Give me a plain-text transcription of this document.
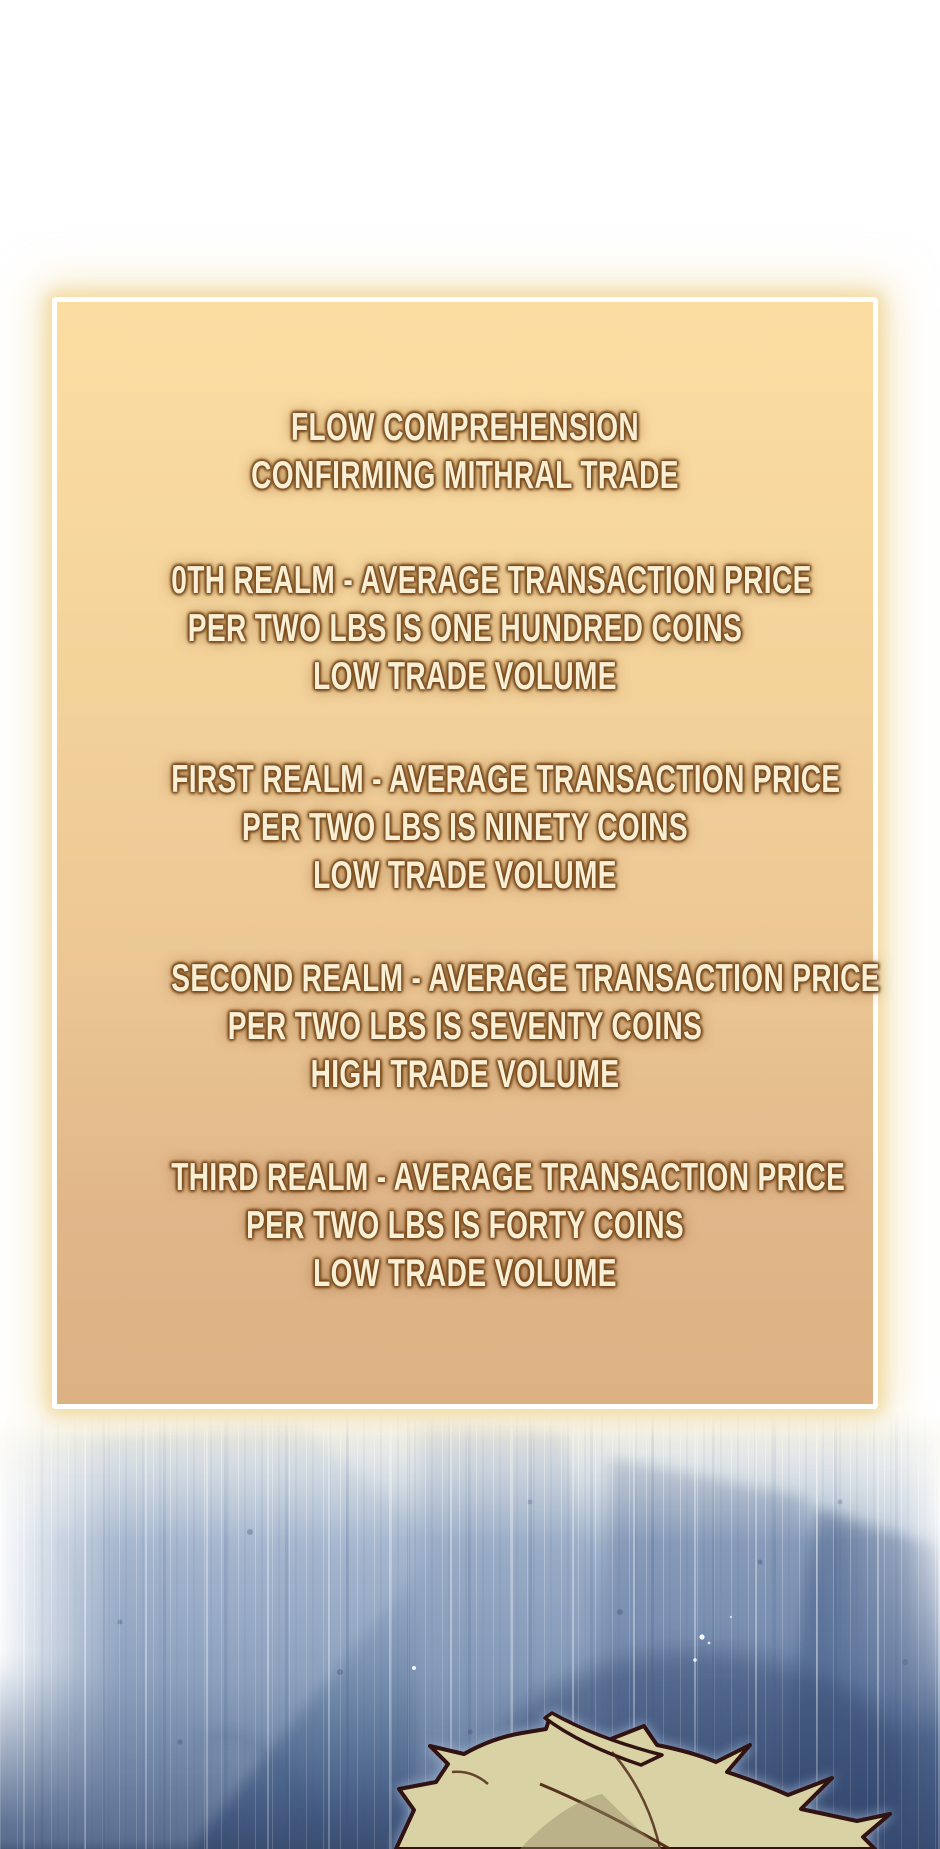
FLOW COMPREHENSION
CONFIRMING MITHRAL TRADE
0TH REALM - AVERAGE TRANSACTION PRICE
PER TWO LBS IS ONE HUNDRED COINS
LOW TRADE VOLUME
FIRST REALM - AVERAGE TRANSACTION PRICE
PER TWO LBS IS NINETY COINS
LOW TRADE VOLUME
SECOND REALM - AVERAGE TRANSACTION PRICE
PER TWO LBS IS SEVENTY COINS
HIGH TRADE VOLUME
THIRD REALM - AVERAGE TRANSACTION PRICE
PER TWO LBS IS FORTY COINS
LOW TRADE VOLUME
